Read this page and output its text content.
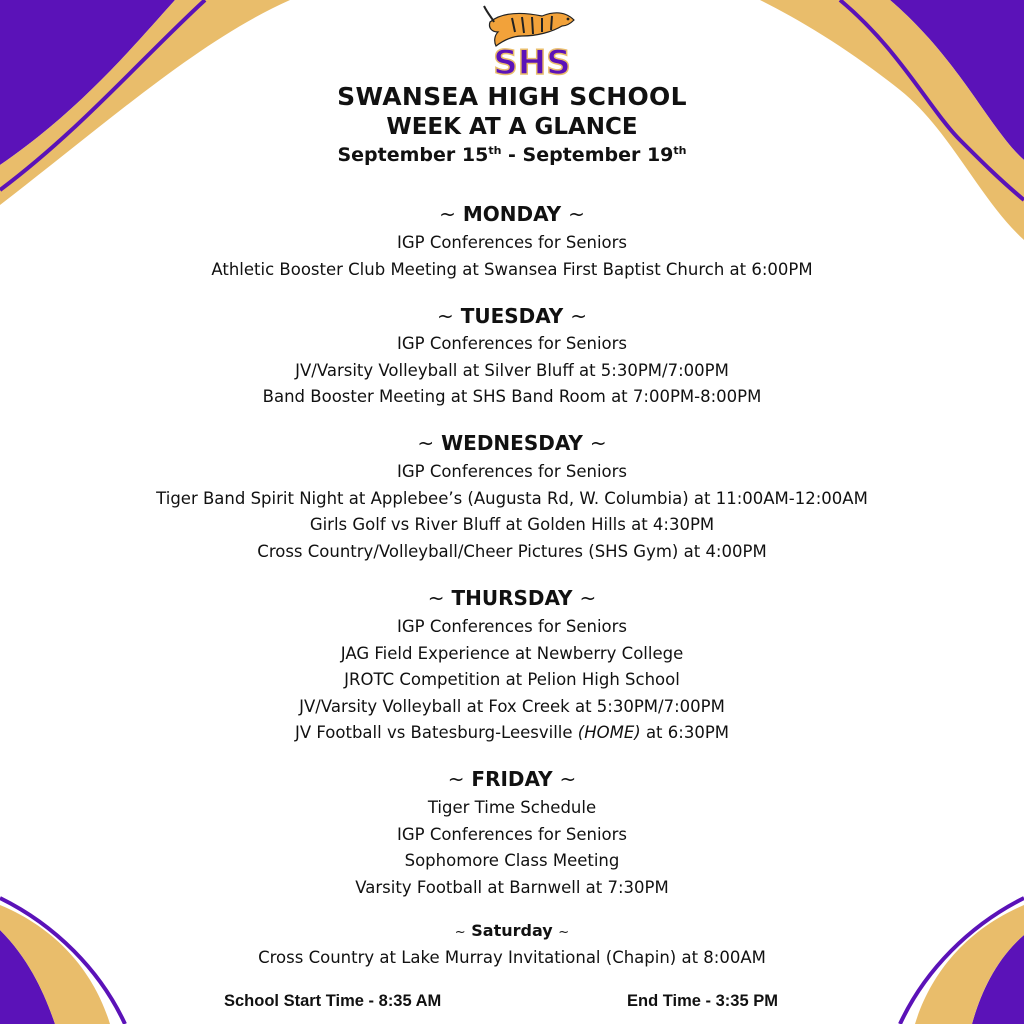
SHS
SWANSEA HIGH SCHOOL
WEEK AT A GLANCE
September 15th - September 19th
~ MONDAY ~
IGP Conferences for Seniors
Athletic Booster Club Meeting at Swansea First Baptist Church at 6:00PM
~ TUESDAY ~
IGP Conferences for Seniors
JV/Varsity Volleyball at Silver Bluff at 5:30PM/7:00PM
Band Booster Meeting at SHS Band Room at 7:00PM-8:00PM
~ WEDNESDAY ~
IGP Conferences for Seniors
Tiger Band Spirit Night at Applebee’s (Augusta Rd, W. Columbia) at 11:00AM-12:00AM
Girls Golf vs River Bluff at Golden Hills at 4:30PM
Cross Country/Volleyball/Cheer Pictures (SHS Gym) at 4:00PM
~ THURSDAY ~
IGP Conferences for Seniors
JAG Field Experience at Newberry College
JROTC Competition at Pelion High School
JV/Varsity Volleyball at Fox Creek at 5:30PM/7:00PM
JV Football vs Batesburg-Leesville (HOME) at 6:30PM
~ FRIDAY ~
Tiger Time Schedule
IGP Conferences for Seniors
Sophomore Class Meeting
Varsity Football at Barnwell at 7:30PM
~ Saturday ~
Cross Country at Lake Murray Invitational (Chapin) at 8:00AM
School Start Time - 8:35 AM	End Time - 3:35 PM
